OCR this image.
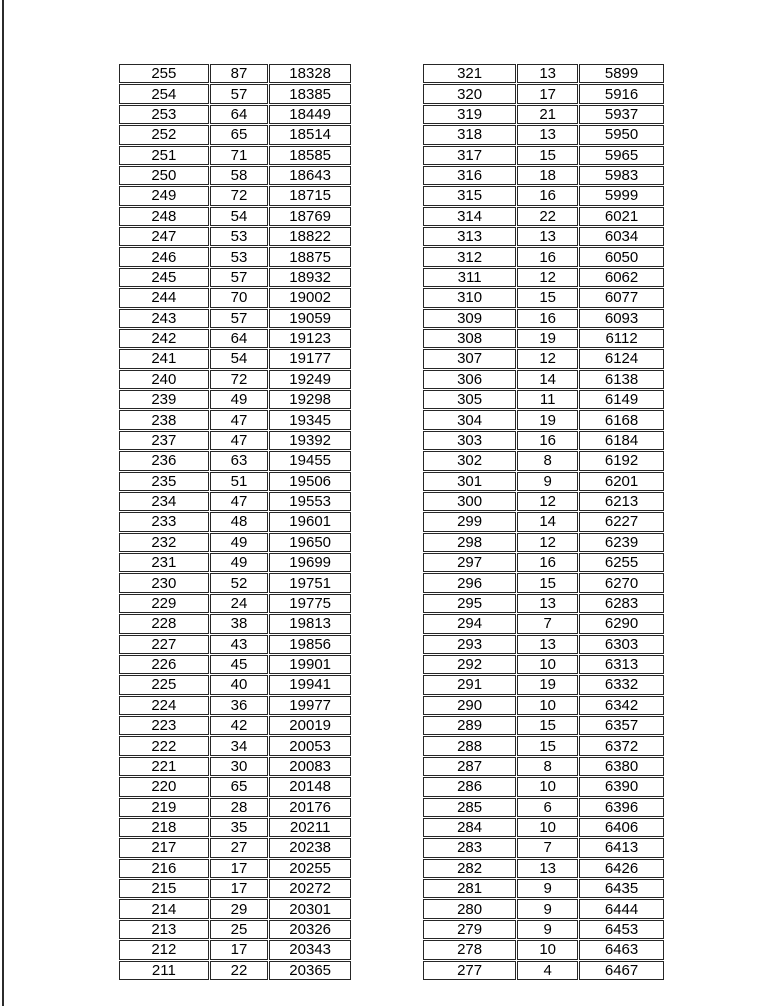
255	87	18328
254	57	18385
253	64	18449
252	65	18514
251	71	18585
250	58	18643
249	72	18715
248	54	18769
247	53	18822
246	53	18875
245	57	18932
244	70	19002
243	57	19059
242	64	19123
241	54	19177
240	72	19249
239	49	19298
238	47	19345
237	47	19392
236	63	19455
235	51	19506
234	47	19553
233	48	19601
232	49	19650
231	49	19699
230	52	19751
229	24	19775
228	38	19813
227	43	19856
226	45	19901
225	40	19941
224	36	19977
223	42	20019
222	34	20053
221	30	20083
220	65	20148
219	28	20176
218	35	20211
217	27	20238
216	17	20255
215	17	20272
214	29	20301
213	25	20326
212	17	20343
211	22	20365
321	13	5899
320	17	5916
319	21	5937
318	13	5950
317	15	5965
316	18	5983
315	16	5999
314	22	6021
313	13	6034
312	16	6050
311	12	6062
310	15	6077
309	16	6093
308	19	6112
307	12	6124
306	14	6138
305	11	6149
304	19	6168
303	16	6184
302	8	6192
301	9	6201
300	12	6213
299	14	6227
298	12	6239
297	16	6255
296	15	6270
295	13	6283
294	7	6290
293	13	6303
292	10	6313
291	19	6332
290	10	6342
289	15	6357
288	15	6372
287	8	6380
286	10	6390
285	6	6396
284	10	6406
283	7	6413
282	13	6426
281	9	6435
280	9	6444
279	9	6453
278	10	6463
277	4	6467
